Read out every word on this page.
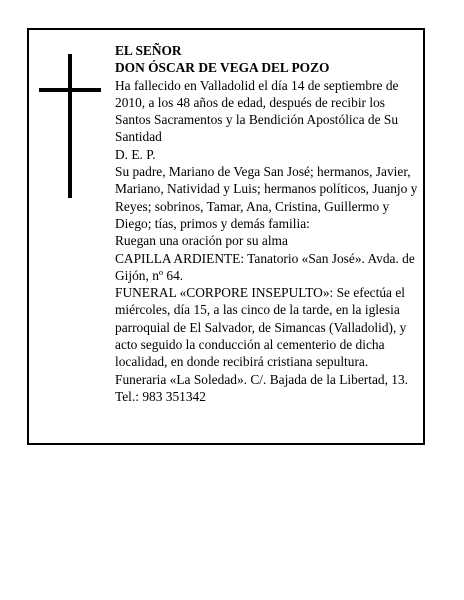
EL SEÑOR

DON ÓSCAR DE VEGA DEL POZO

Ha fallecido en Valladolid el día 14 de septiembre de 2010, a los 48 años de edad, después de recibir los Santos Sacramentos y la Bendición Apostólica de Su Santidad

D. E. P.

Su padre, Mariano de Vega San José; hermanos, Javier, Mariano, Natividad y Luis; hermanos políticos, Juanjo y Reyes; sobrinos, Tamar, Ana, Cristina, Guillermo y Diego; tías, primos y demás familia:

Ruegan una oración por su alma

CAPILLA ARDIENTE: Tanatorio «San José». Avda. de Gijón, nº 64.

FUNERAL «CORPORE INSEPULTO»: Se efectúa el miércoles, día 15, a las cinco de la tarde, en la iglesia parroquial de El Salvador, de Simancas (Valladolid), y acto seguido la conducción al cementerio de dicha localidad, en donde recibirá cristiana sepultura.

Funeraria «La Soledad». C/. Bajada de la Libertad, 13. Tel.: 983 351342
